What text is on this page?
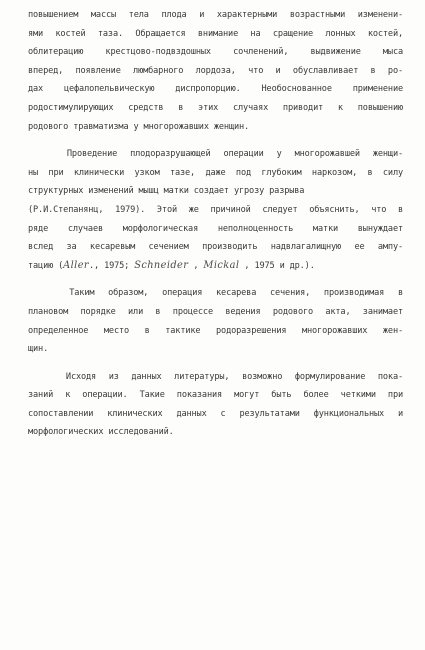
повышением массы тела плода и характерными возрастными изменени-
ями костей таза. Обращается внимание на сращение лонных костей,
облитерацию крестцово-подвздошных сочленений, выдвижение мыса
вперед, появление люмбарного лордоза, что и обуславливает в ро-
дах цефалопельвическую диспропорцию. Необоснованное применение
родостимулирующих средств в этих случаях приводит к повышению
родового травматизма у многорожавших женщин.
Проведение плодоразрушающей операции у многорожавшей женщи-
ны при клинически узком тазе, даже под глубоким наркозом, в силу
структурных изменений мышц матки создает угрозу разрыва
(Р.И.Степанянц, 1979). Этой же причиной следует объяснить, что в
ряде случаев морфологическая неполноценность матки вынуждает
вслед за кесаревым сечением производить надвлагалищную ее ампу-
тацию (Aller., 1975; Schneider , Mickal , 1975 и др.).
Таким образом, операция кесарева сечения, производимая в
плановом порядке или в процессе ведения родового акта, занимает
определенное место в тактике родоразрешения многорожавших жен-
щин.
Исходя из данных литературы, возможно формулирование пока-
заний к операции. Такие показания могут быть более четкими при
сопоставлении клинических данных с результатами функциональных и
морфологических исследований.
